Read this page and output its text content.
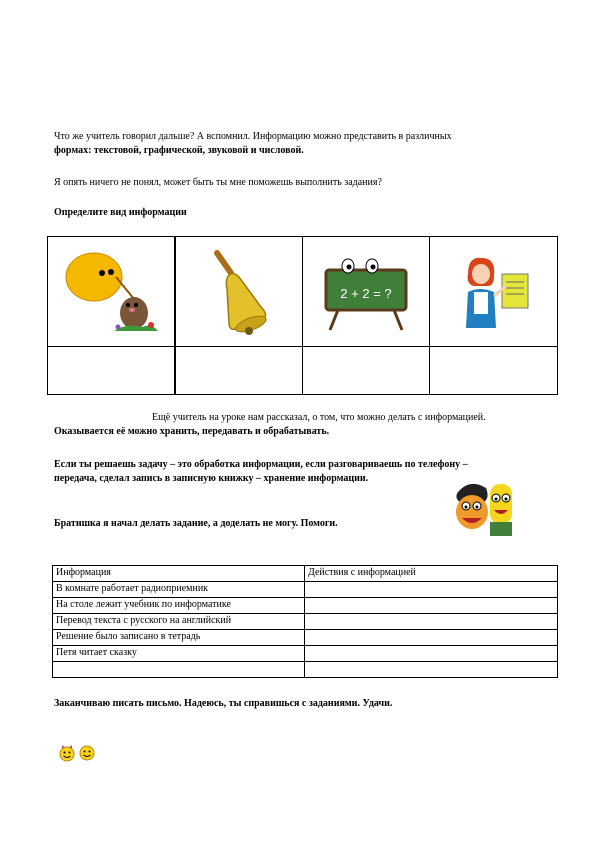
Что же учитель говорил дальше? А вспомнил. Информацию можно представить в различных
формах: текстовой, графической, звуковой и числовой.
Я опять ничего не понял, может быть ты мне поможешь выполнить задания?
Определите вид информации

2 + 2 = ?

Ещё учитель на уроке нам рассказал, о том, что можно делать с информацией.
Оказывается её можно хранить, передавать и обрабатывать.
Если ты решаешь задачу – это обработка информации, если разговариваешь по телефону –
передача, сделал запись в записную книжку – хранение информации.
Братишка я начал делать задание, а доделать не могу. Помоги.
Информация	Действия с информацией
В комнате работает радиоприемник	
На столе лежит учебник по информатике	
Перевод текста с русского на английский	
Решение было записано в тетрадь	
Петя читает сказку	

Заканчиваю писать письмо. Надеюсь, ты справишься с заданиями. Удачи.
